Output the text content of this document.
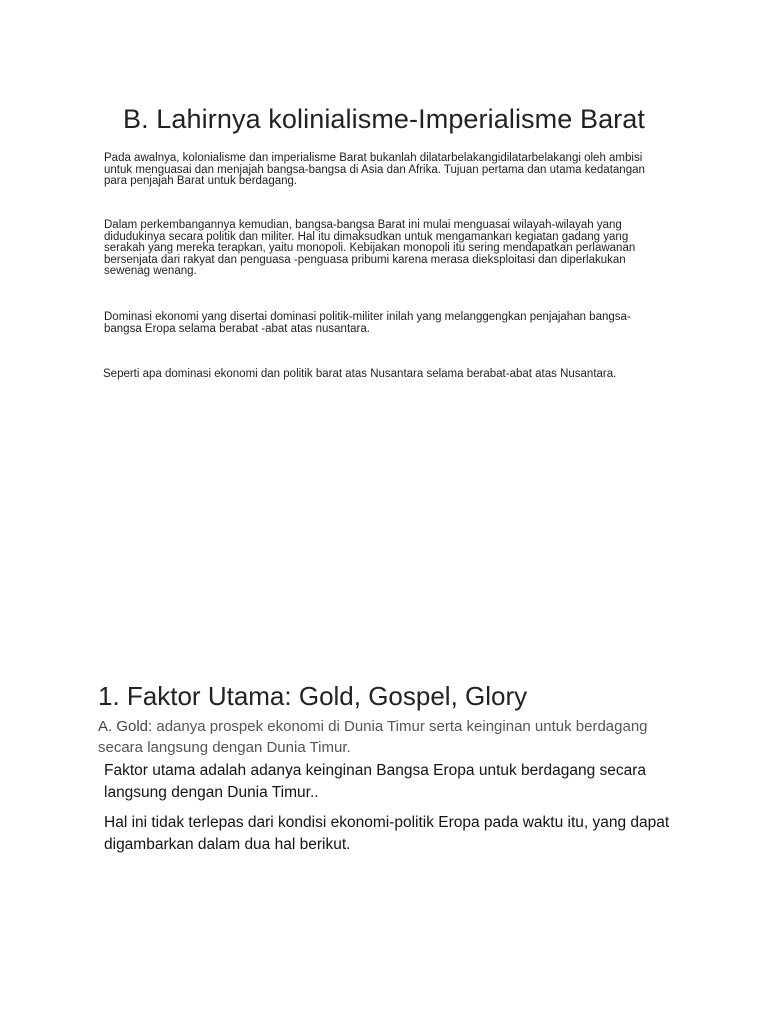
B. Lahirnya kolinialisme-Imperialisme Barat

Pada awalnya, kolonialisme dan imperialisme Barat bukanlah dilatarbelakangidilatarbelakangi oleh ambisi untuk menguasai dan menjajah bangsa-bangsa di Asia dan Afrika. Tujuan pertama dan utama kedatangan para penjajah Barat untuk berdagang.

Dalam perkembangannya kemudian, bangsa-bangsa Barat ini mulai menguasai wilayah-wilayah yang didudukinya secara politik dan militer. Hal itu dimaksudkan untuk mengamankan kegiatan gadang yang serakah yang mereka terapkan, yaitu monopoli. Kebijakan monopoli itu sering mendapatkan perlawanan bersenjata dari rakyat dan penguasa -penguasa pribumi karena merasa dieksploitasi dan diperlakukan sewenag wenang.

Dominasi ekonomi yang disertai dominasi politik-militer inilah yang melanggengkan penjajahan bangsa-bangsa Eropa selama berabat -abat atas nusantara.

Seperti apa dominasi ekonomi dan politik barat atas Nusantara selama berabat-abat atas Nusantara.

1. Faktor Utama: Gold, Gospel, Glory

A. Gold: adanya prospek ekonomi di Dunia Timur serta keinginan untuk berdagang secara langsung dengan Dunia Timur.

Faktor utama adalah adanya keinginan Bangsa Eropa untuk berdagang secara langsung dengan Dunia Timur..

Hal ini tidak terlepas dari kondisi ekonomi-politik Eropa pada waktu itu, yang dapat digambarkan dalam dua hal berikut.
